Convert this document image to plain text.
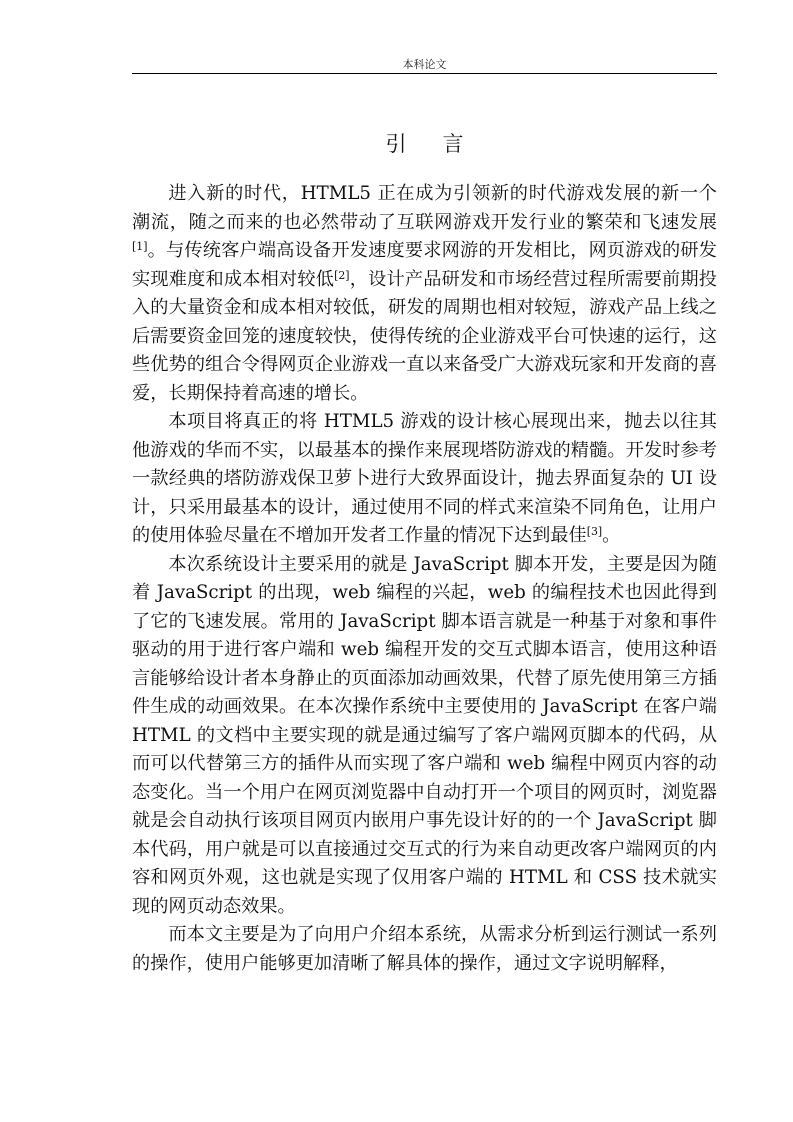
本科论文
引言

进入新的时代，HTML5 正在成为引领新的时代游戏发展的新一个潮流，随之而来的也必然带动了互联网游戏开发行业的繁荣和飞速发展[1]。与传统客户端高设备开发速度要求网游的开发相比，网页游戏的研发实现难度和成本相对较低[2]，设计产品研发和市场经营过程所需要前期投入的大量资金和成本相对较低，研发的周期也相对较短，游戏产品上线之后需要资金回笼的速度较快，使得传统的企业游戏平台可快速的运行，这些优势的组合令得网页企业游戏一直以来备受广大游戏玩家和开发商的喜爱，长期保持着高速的增长。

本项目将真正的将 HTML5 游戏的设计核心展现出来，抛去以往其他游戏的华而不实，以最基本的操作来展现塔防游戏的精髓。开发时参考一款经典的塔防游戏保卫萝卜进行大致界面设计，抛去界面复杂的 UI 设计，只采用最基本的设计，通过使用不同的样式来渲染不同角色，让用户的使用体验尽量在不增加开发者工作量的情况下达到最佳[3]。

本次系统设计主要采用的就是 JavaScript 脚本开发，主要是因为随着 JavaScript 的出现，web 编程的兴起，web 的编程技术也因此得到了它的飞速发展。常用的 JavaScript 脚本语言就是一种基于对象和事件驱动的用于进行客户端和 web 编程开发的交互式脚本语言，使用这种语言能够给设计者本身静止的页面添加动画效果，代替了原先使用第三方插件生成的动画效果。在本次操作系统中主要使用的 JavaScript 在客户端 HTML 的文档中主要实现的就是通过编写了客户端网页脚本的代码，从而可以代替第三方的插件从而实现了客户端和 web 编程中网页内容的动态变化。当一个用户在网页浏览器中自动打开一个项目的网页时，浏览器就是会自动执行该项目网页内嵌用户事先设计好的的一个 JavaScript 脚本代码，用户就是可以直接通过交互式的行为来自动更改客户端网页的内容和网页外观，这也就是实现了仅用客户端的 HTML 和 CSS 技术就实现的网页动态效果。

而本文主要是为了向用户介绍本系统，从需求分析到运行测试一系列的操作，使用户能够更加清晰了解具体的操作，通过文字说明解释，
